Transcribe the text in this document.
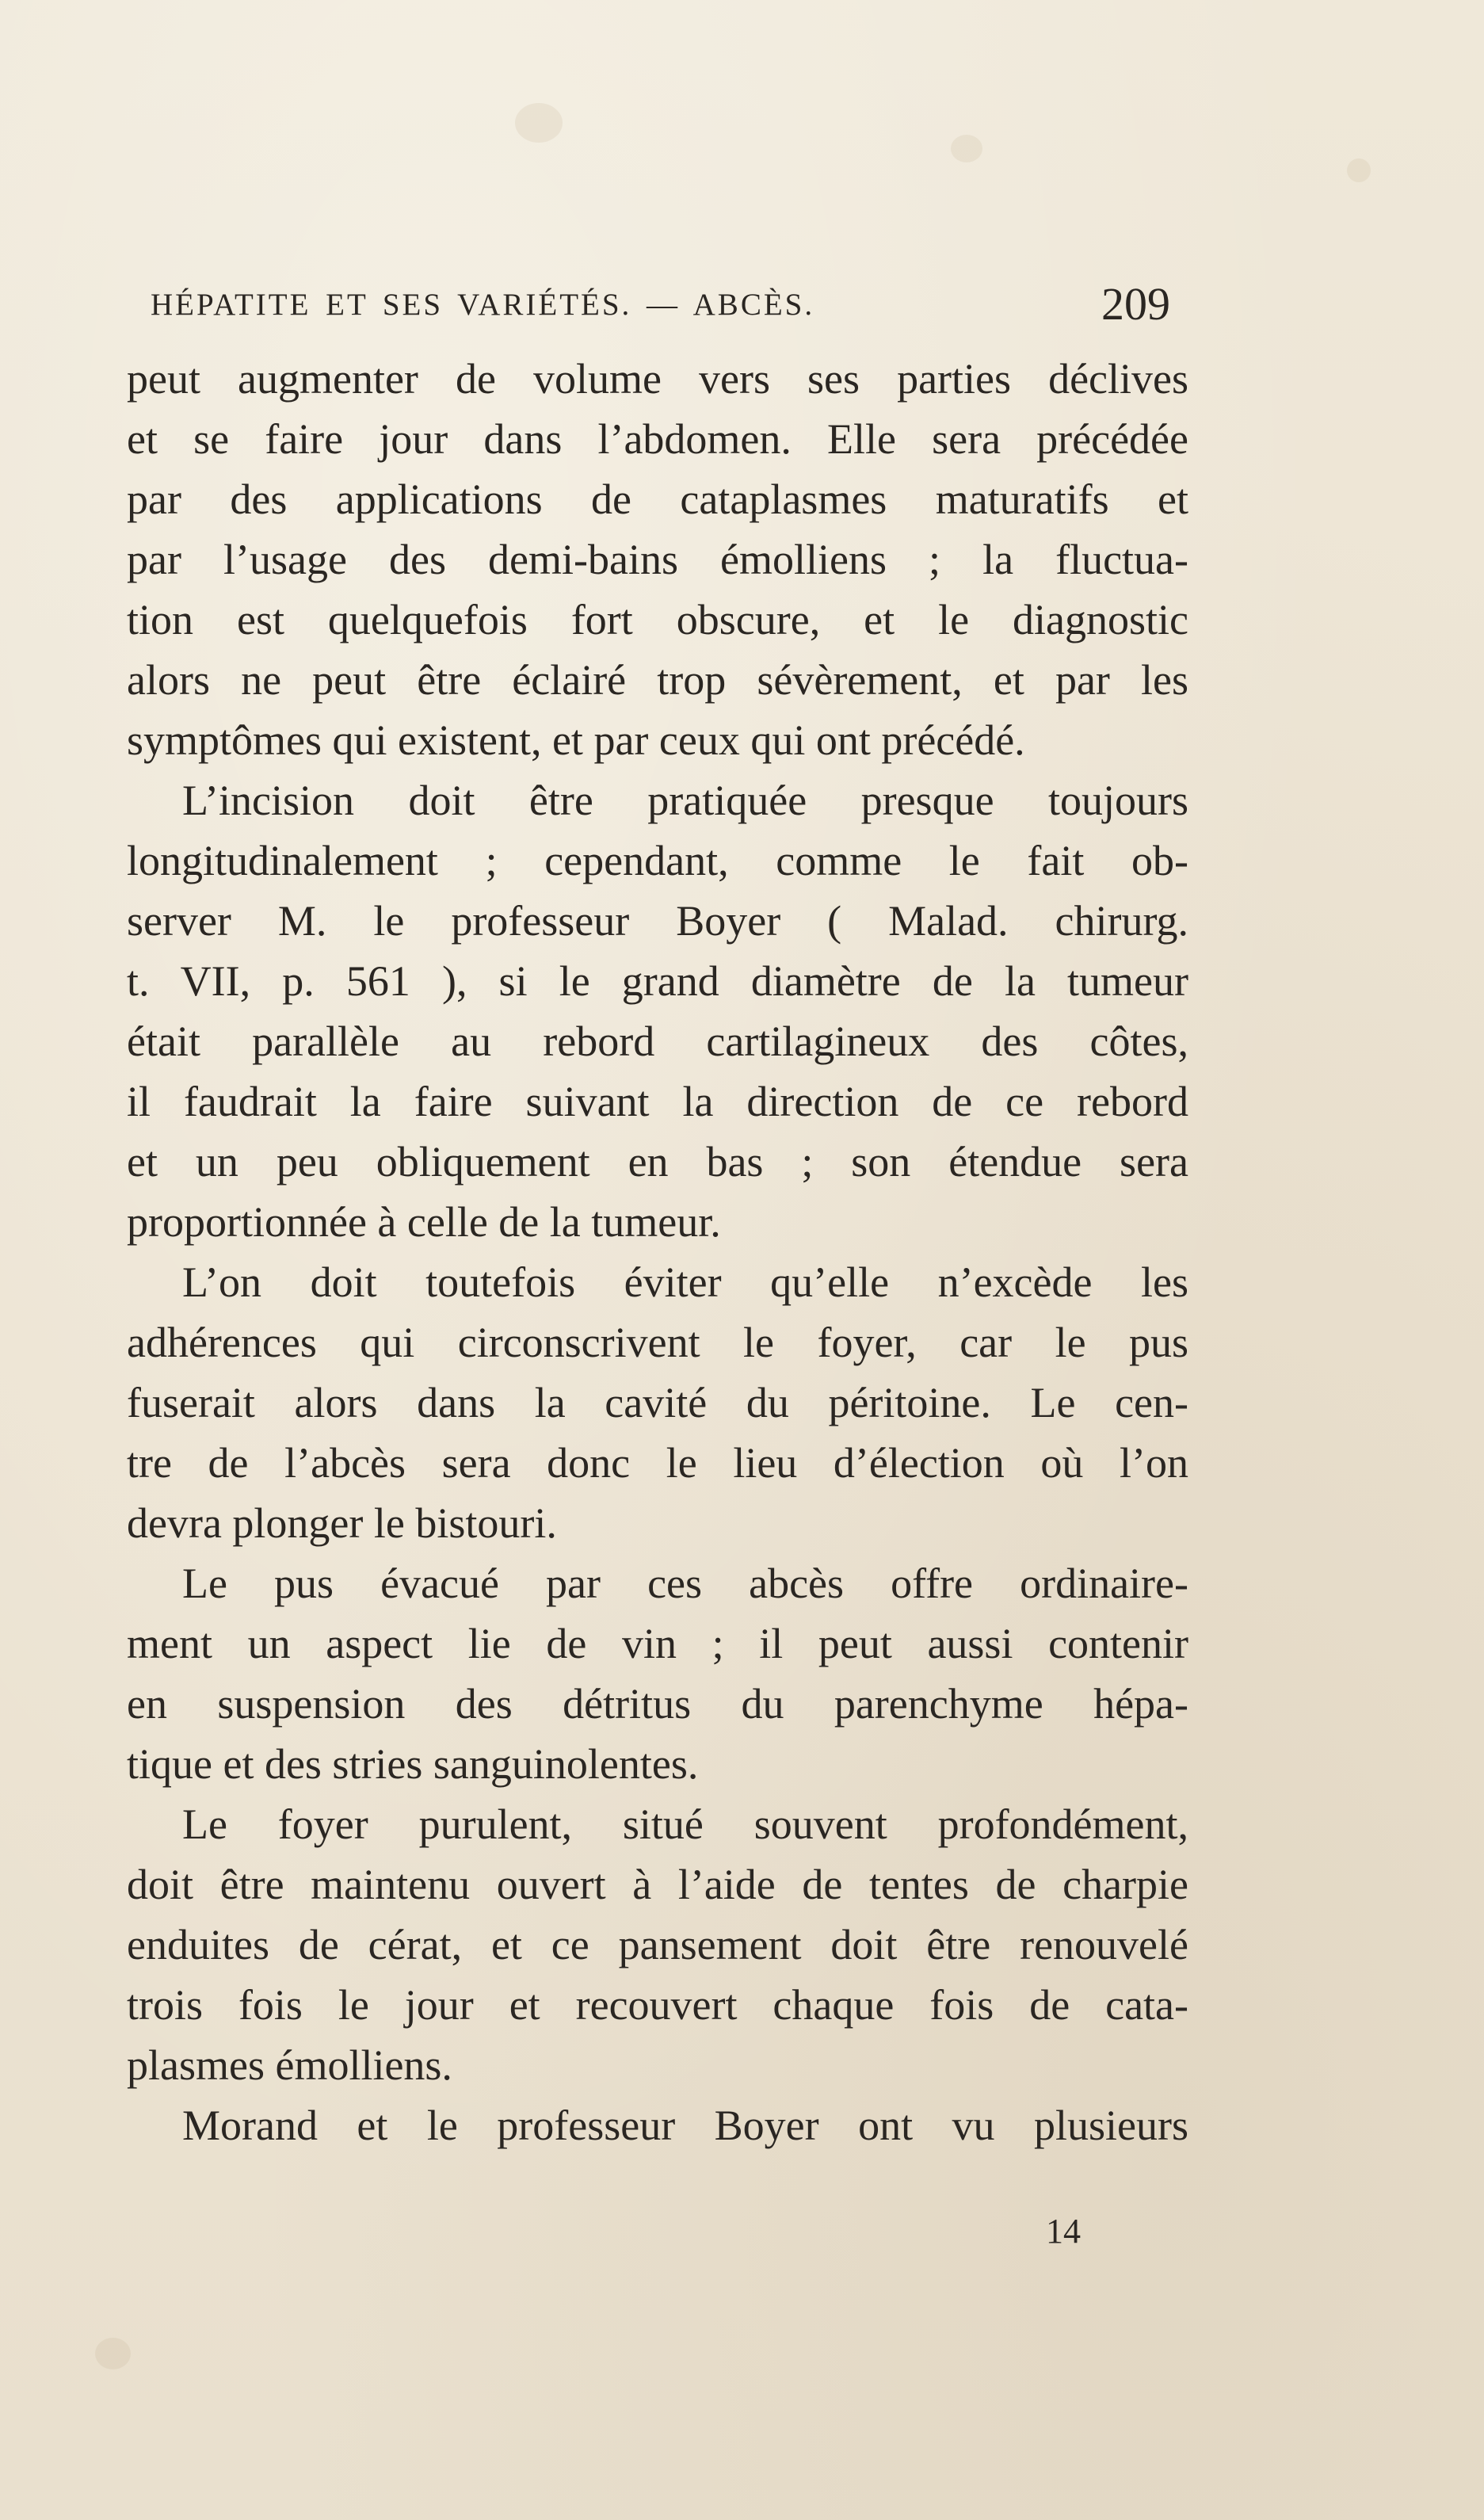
HÉPATITE ET SES VARIÉTÉS. — ABCÈS.	209
peut augmenter de volume vers ses parties déclives
et se faire jour dans l’abdomen. Elle sera précédée
par des applications de cataplasmes maturatifs et
par l’usage des demi-bains émolliens ; la fluctua-
tion est quelquefois fort obscure, et le diagnostic
alors ne peut être éclairé trop sévèrement, et par les
symptômes qui existent, et par ceux qui ont précédé.
L’incision doit être pratiquée presque toujours
longitudinalement ; cependant, comme le fait ob-
server M. le professeur Boyer ( Malad. chirurg.
t. VII, p. 561 ), si le grand diamètre de la tumeur
était parallèle au rebord cartilagineux des côtes,
il faudrait la faire suivant la direction de ce rebord
et un peu obliquement en bas ; son étendue sera
proportionnée à celle de la tumeur.
L’on doit toutefois éviter qu’elle n’excède les
adhérences qui circonscrivent le foyer, car le pus
fuserait alors dans la cavité du péritoine. Le cen-
tre de l’abcès sera donc le lieu d’élection où l’on
devra plonger le bistouri.
Le pus évacué par ces abcès offre ordinaire-
ment un aspect lie de vin ; il peut aussi contenir
en suspension des détritus du parenchyme hépa-
tique et des stries sanguinolentes.
Le foyer purulent, situé souvent profondément,
doit être maintenu ouvert à l’aide de tentes de charpie
enduites de cérat, et ce pansement doit être renouvelé
trois fois le jour et recouvert chaque fois de cata-
plasmes émolliens.
Morand et le professeur Boyer ont vu plusieurs
14
